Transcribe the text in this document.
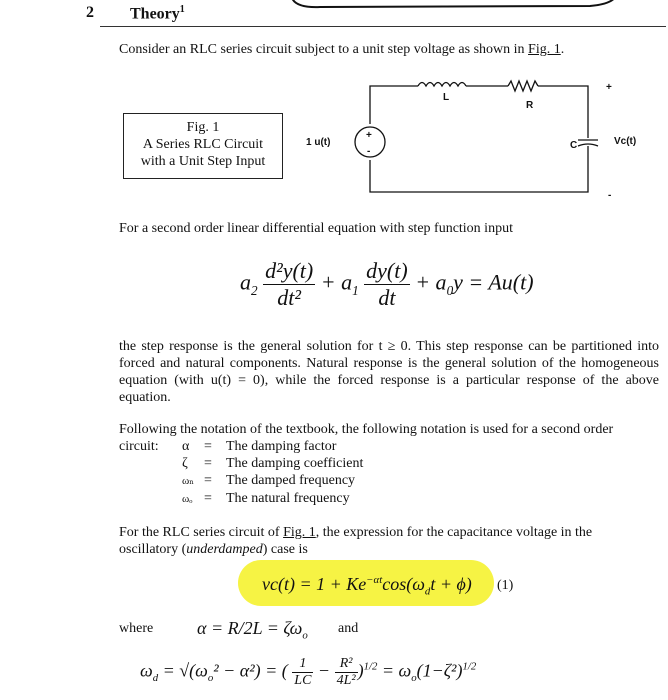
2 Theory$^1$
Consider an RLC series circuit subject to a unit step voltage as shown in Fig. 1.
Fig. 1
A Series RLC Circuit
with a Unit Step Input
+
-
1 u(t)
L
R
C
+
Vc(t)
-
For a second order linear differential equation with step function input
$a_2 \frac{\text{d²y(t)}}{\text{dt²}} + a_1 \frac{dy(t)}{dt} + a_0y = Au(t)$
the step response is the general solution for t ≥ 0. This step response can be partitioned into forced and natural components. Natural response is the general solution of the homogeneous equation (with u(t) = 0), while the forced response is a particular response of the above equation.
Following the notation of the textbook, the following notation is used for a second order
circuit: α = The damping factor
ζ = The damping coefficient
ωₙ = The damped frequency
ωₒ = The natural frequency
For the RLC series circuit of Fig. 1, the expression for the capacitance voltage in the
oscillatory (underdamped) case is
$vc(t) = 1 + Ke^{-\alpha t}\cos(\omega_dt + \phi)$ (1)
where $\alpha = R/2L = \zeta\omega_o$ and
$\omega_d = √(\omega_o^2 - \alpha^2)$ = ( $\frac{1}{LC} - \frac{\text{R²}}{\text{4L²}} )^{1/2} = \omega_o(1-\zeta^2)^{1/2}$
